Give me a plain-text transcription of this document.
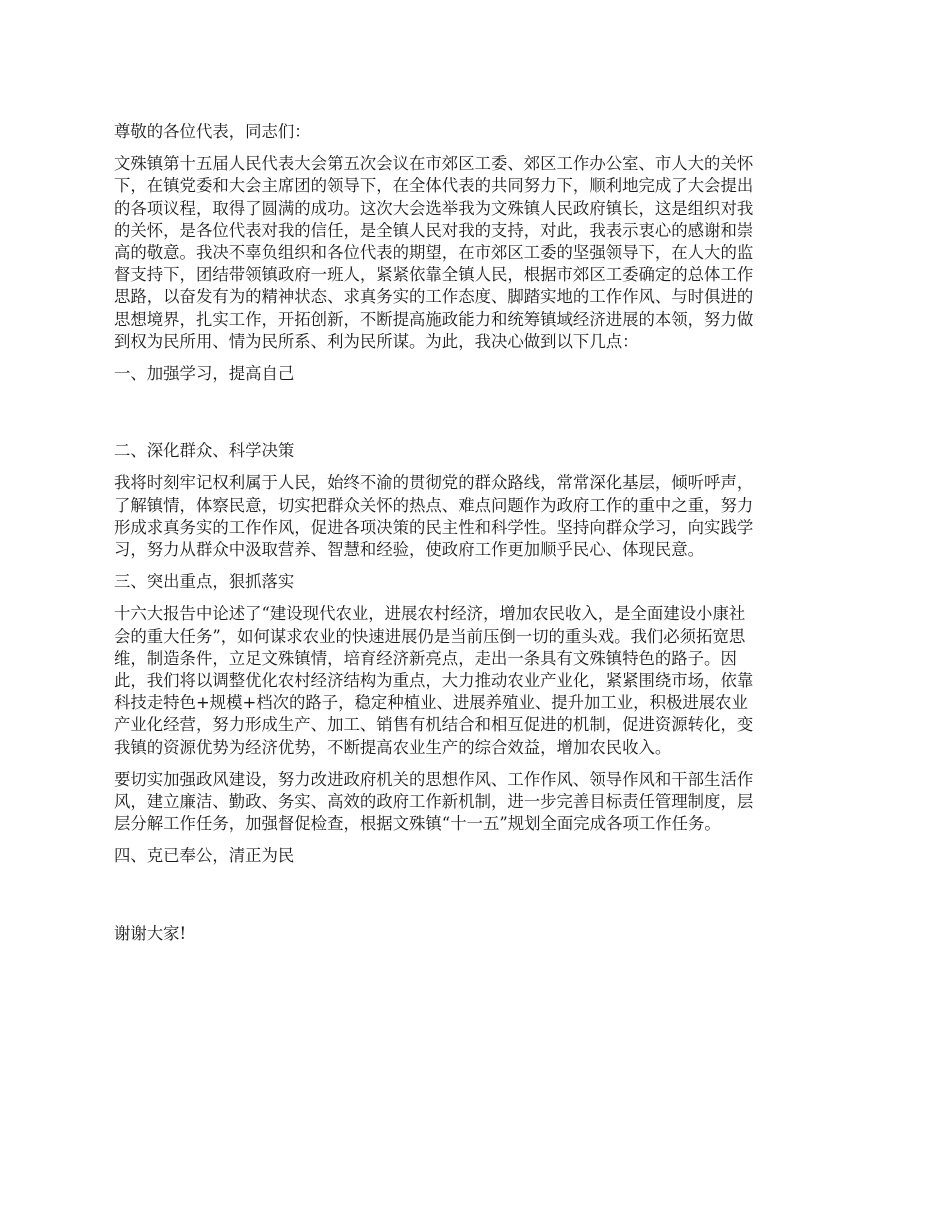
尊敬的各位代表，同志们：

文殊镇第十五届人民代表大会第五次会议在市郊区工委、郊区工作办公室、市人大的关怀

下，在镇党委和大会主席团的领导下，在全体代表的共同努力下，顺利地完成了大会提出

的各项议程，取得了圆满的成功。这次大会选举我为文殊镇人民政府镇长，这是组织对我

的关怀，是各位代表对我的信任，是全镇人民对我的支持，对此，我表示衷心的感谢和崇

高的敬意。我决不辜负组织和各位代表的期望，在市郊区工委的坚强领导下，在人大的监

督支持下，团结带领镇政府一班人，紧紧依靠全镇人民，根据市郊区工委确定的总体工作

思路，以奋发有为的精神状态、求真务实的工作态度、脚踏实地的工作作风、与时俱进的

思想境界，扎实工作，开拓创新，不断提高施政能力和统筹镇域经济进展的本领，努力做

到权为民所用、情为民所系、利为民所谋。为此，我决心做到以下几点：

一、加强学习，提高自己

二、深化群众、科学决策

我将时刻牢记权利属于人民，始终不渝的贯彻党的群众路线，常常深化基层，倾听呼声，

了解镇情，体察民意，切实把群众关怀的热点、难点问题作为政府工作的重中之重，努力

形成求真务实的工作作风，促进各项决策的民主性和科学性。坚持向群众学习，向实践学

习，努力从群众中汲取营养、智慧和经验，使政府工作更加顺乎民心、体现民意。

三、突出重点，狠抓落实

十六大报告中论述了“建设现代农业，进展农村经济，增加农民收入，是全面建设小康社

会的重大任务”，如何谋求农业的快速进展仍是当前压倒一切的重头戏。我们必须拓宽思

维，制造条件，立足文殊镇情，培育经济新亮点，走出一条具有文殊镇特色的路子。因

此，我们将以调整优化农村经济结构为重点，大力推动农业产业化，紧紧围绕市场，依靠

科技走特色+规模+档次的路子，稳定种植业、进展养殖业、提升加工业，积极进展农业

产业化经营，努力形成生产、加工、销售有机结合和相互促进的机制，促进资源转化，变

我镇的资源优势为经济优势，不断提高农业生产的综合效益，增加农民收入。

要切实加强政风建设，努力改进政府机关的思想作风、工作作风、领导作风和干部生活作

风，建立廉洁、勤政、务实、高效的政府工作新机制，进一步完善目标责任管理制度，层

层分解工作任务，加强督促检查，根据文殊镇“十一五”规划全面完成各项工作任务。

四、克已奉公，清正为民

谢谢大家!
